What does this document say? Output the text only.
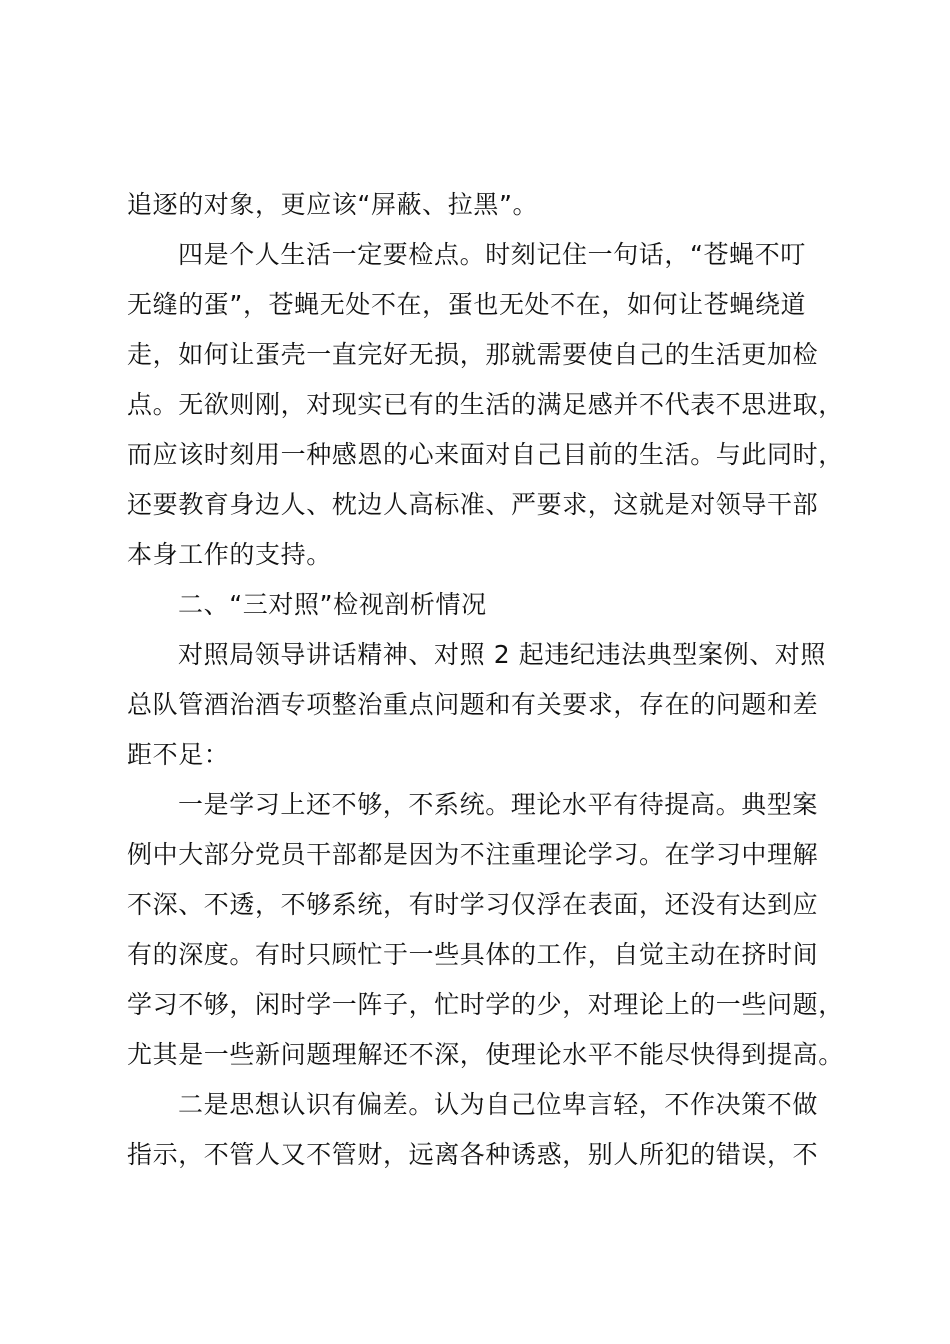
追逐的对象，更应该“屏蔽、拉黑”。
四是个人生活一定要检点。时刻记住一句话，“苍蝇不叮
无缝的蛋”，苍蝇无处不在，蛋也无处不在，如何让苍蝇绕道
走，如何让蛋壳一直完好无损，那就需要使自己的生活更加检
点。无欲则刚，对现实已有的生活的满足感并不代表不思进取，
而应该时刻用一种感恩的心来面对自己目前的生活。与此同时，
还要教育身边人、枕边人高标准、严要求，这就是对领导干部
本身工作的支持。
二、“三对照”检视剖析情况
对照局领导讲话精神、对照 2 起违纪违法典型案例、对照
总队管酒治酒专项整治重点问题和有关要求，存在的问题和差
距不足：
一是学习上还不够，不系统。理论水平有待提高。典型案
例中大部分党员干部都是因为不注重理论学习。在学习中理解
不深、不透，不够系统，有时学习仅浮在表面，还没有达到应
有的深度。有时只顾忙于一些具体的工作，自觉主动在挤时间
学习不够，闲时学一阵子，忙时学的少，对理论上的一些问题，
尤其是一些新问题理解还不深，使理论水平不能尽快得到提高。
二是思想认识有偏差。认为自己位卑言轻，不作决策不做
指示，不管人又不管财，远离各种诱惑，别人所犯的错误，不
